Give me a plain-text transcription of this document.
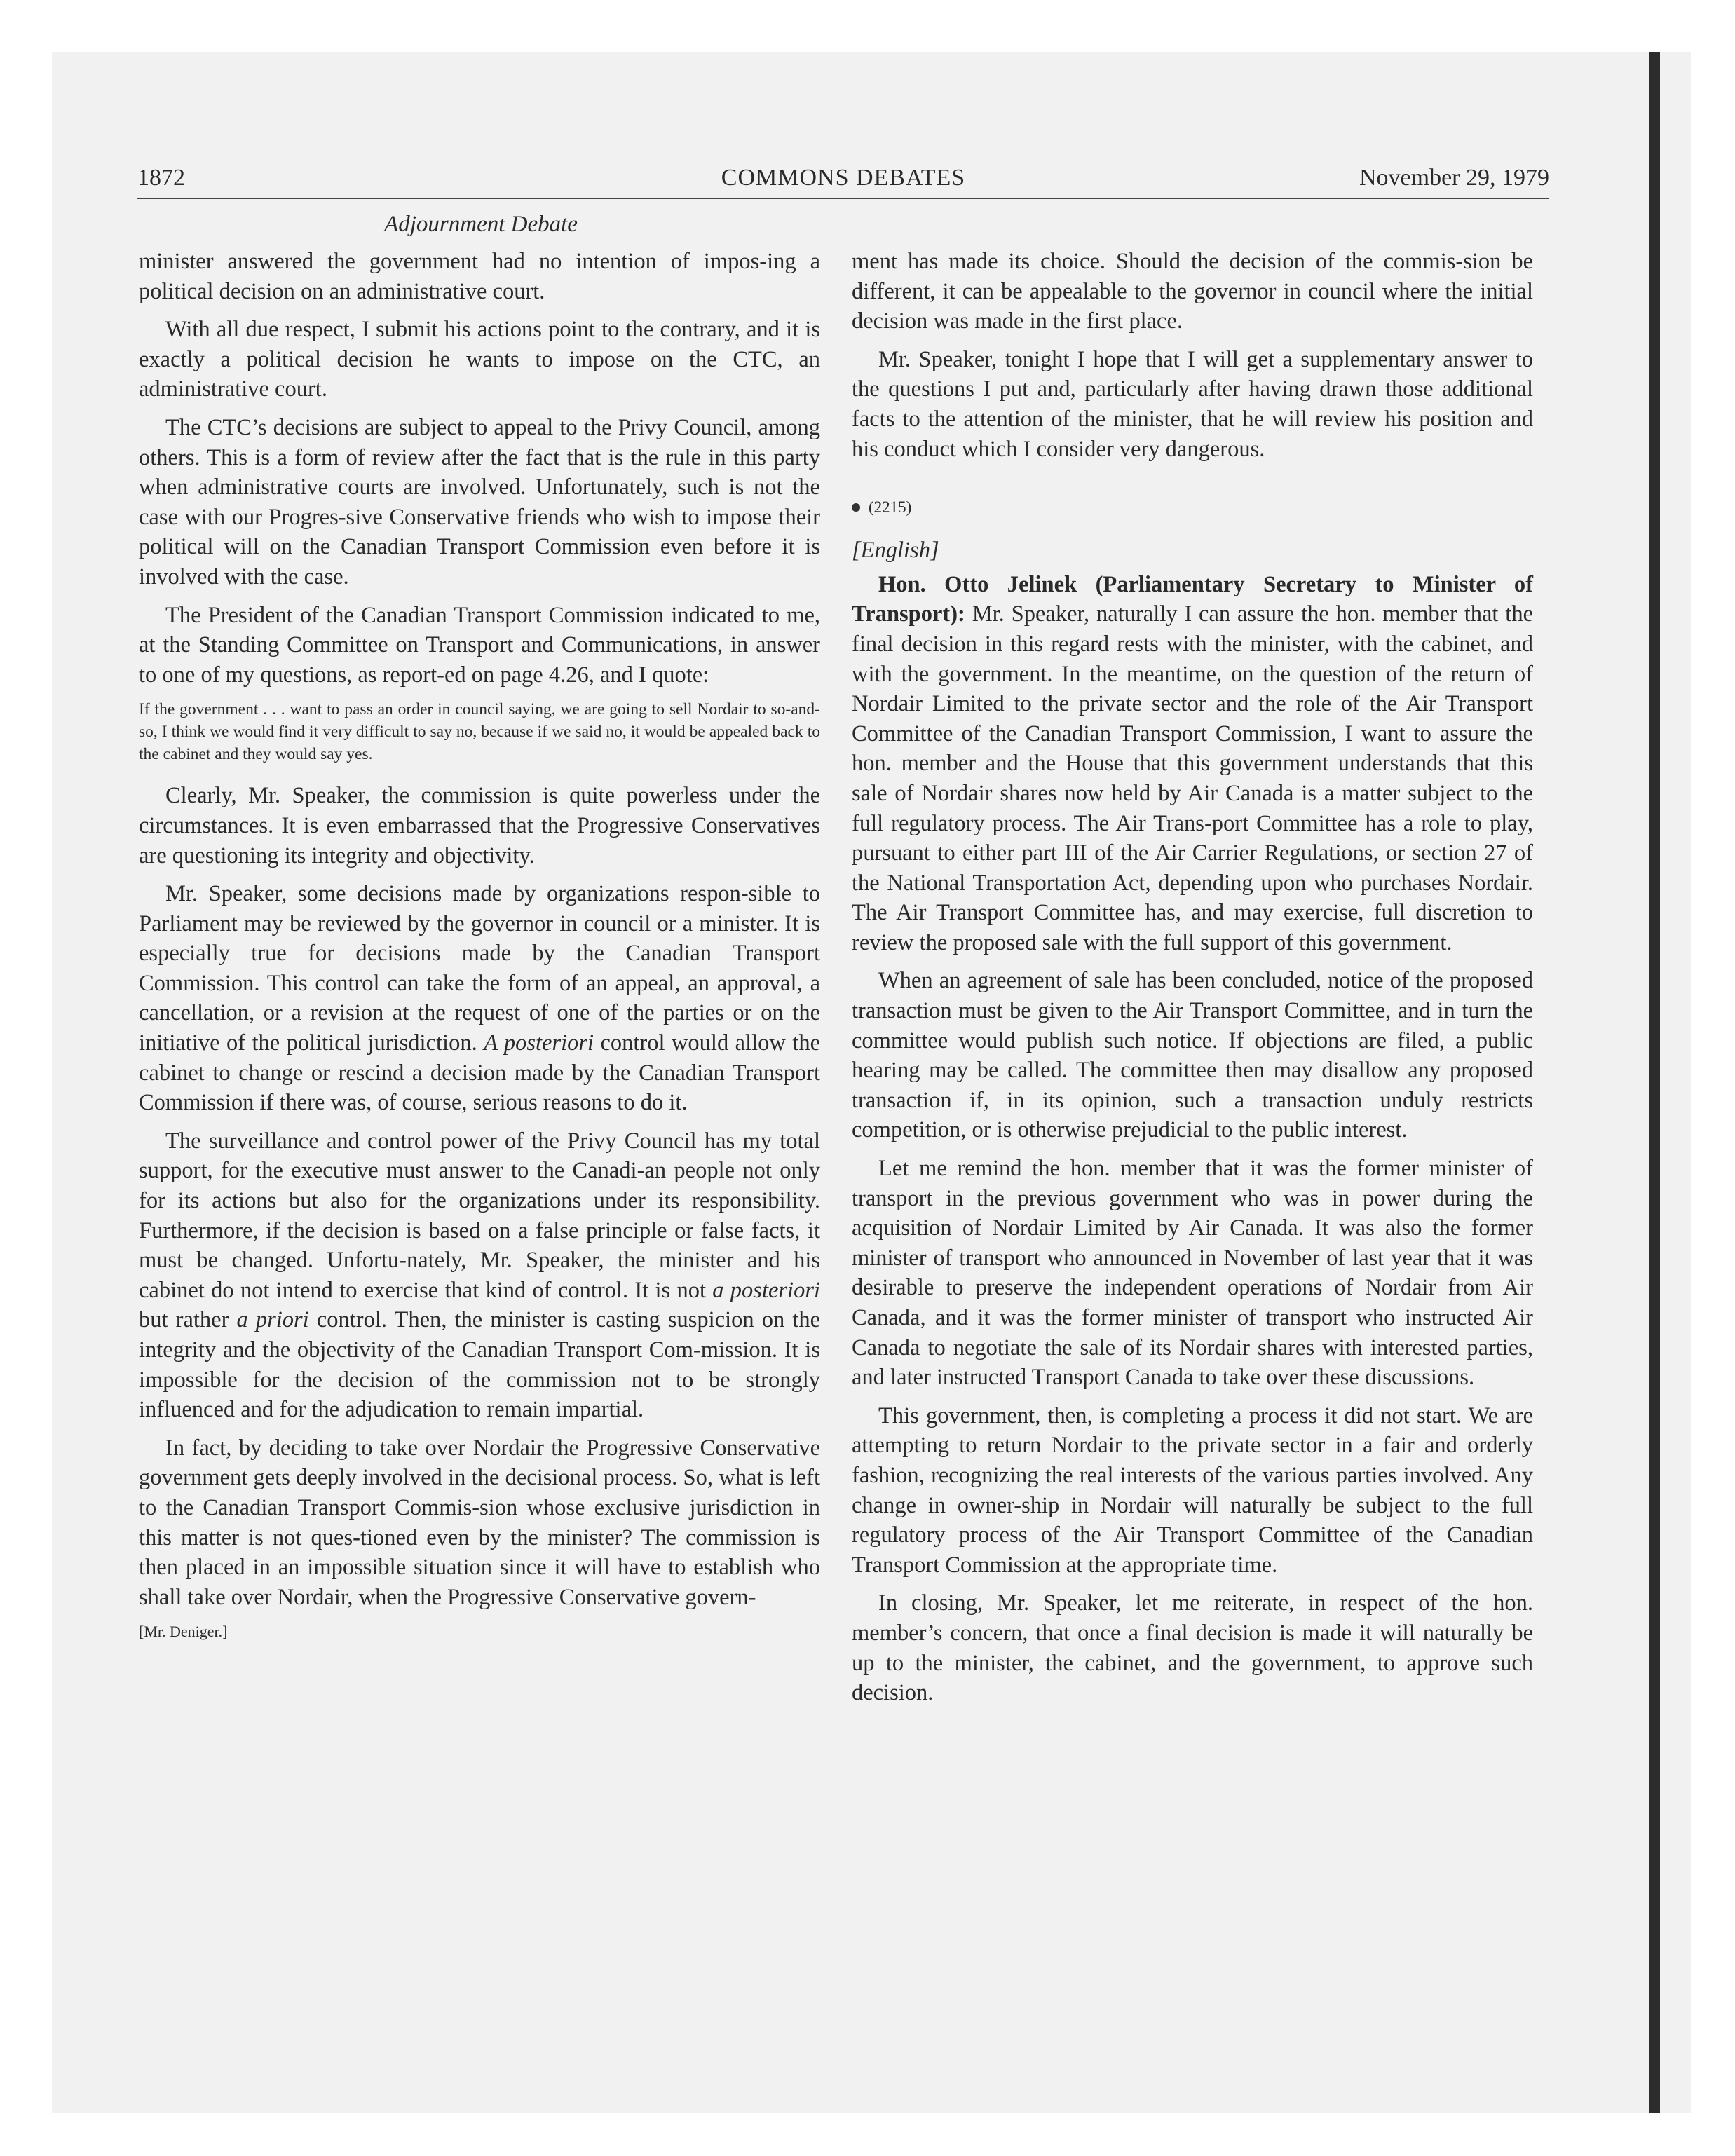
1872	COMMONS DEBATES	November 29, 1979
Adjournment Debate

minister answered the government had no intention of impos-ing a political decision on an administrative court.

With all due respect, I submit his actions point to the contrary, and it is exactly a political decision he wants to impose on the CTC, an administrative court.

The CTC’s decisions are subject to appeal to the Privy Council, among others. This is a form of review after the fact that is the rule in this party when administrative courts are involved. Unfortunately, such is not the case with our Progres-sive Conservative friends who wish to impose their political will on the Canadian Transport Commission even before it is involved with the case.

The President of the Canadian Transport Commission indicated to me, at the Standing Committee on Transport and Communications, in answer to one of my questions, as report-ed on page 4.26, and I quote:

If the government . . . want to pass an order in council saying, we are going to sell Nordair to so-and-so, I think we would find it very difficult to say no, because if we said no, it would be appealed back to the cabinet and they would say yes.

Clearly, Mr. Speaker, the commission is quite powerless under the circumstances. It is even embarrassed that the Progressive Conservatives are questioning its integrity and objectivity.

Mr. Speaker, some decisions made by organizations respon-sible to Parliament may be reviewed by the governor in council or a minister. It is especially true for decisions made by the Canadian Transport Commission. This control can take the form of an appeal, an approval, a cancellation, or a revision at the request of one of the parties or on the initiative of the political jurisdiction. A posteriori control would allow the cabinet to change or rescind a decision made by the Canadian Transport Commission if there was, of course, serious reasons to do it.

The surveillance and control power of the Privy Council has my total support, for the executive must answer to the Canadi-an people not only for its actions but also for the organizations under its responsibility. Furthermore, if the decision is based on a false principle or false facts, it must be changed. Unfortu-nately, Mr. Speaker, the minister and his cabinet do not intend to exercise that kind of control. It is not a posteriori but rather a priori control. Then, the minister is casting suspicion on the integrity and the objectivity of the Canadian Transport Com-mission. It is impossible for the decision of the commission not to be strongly influenced and for the adjudication to remain impartial.

In fact, by deciding to take over Nordair the Progressive Conservative government gets deeply involved in the decisional process. So, what is left to the Canadian Transport Commis-sion whose exclusive jurisdiction in this matter is not ques-tioned even by the minister? The commission is then placed in an impossible situation since it will have to establish who shall take over Nordair, when the Progressive Conservative govern-

[Mr. Deniger.]

ment has made its choice. Should the decision of the commis-sion be different, it can be appealable to the governor in council where the initial decision was made in the first place.

Mr. Speaker, tonight I hope that I will get a supplementary answer to the questions I put and, particularly after having drawn those additional facts to the attention of the minister, that he will review his position and his conduct which I consider very dangerous.

(2215)

[English]

Hon. Otto Jelinek (Parliamentary Secretary to Minister of Transport): Mr. Speaker, naturally I can assure the hon. member that the final decision in this regard rests with the minister, with the cabinet, and with the government. In the meantime, on the question of the return of Nordair Limited to the private sector and the role of the Air Transport Committee of the Canadian Transport Commission, I want to assure the hon. member and the House that this government understands that this sale of Nordair shares now held by Air Canada is a matter subject to the full regulatory process. The Air Trans-port Committee has a role to play, pursuant to either part III of the Air Carrier Regulations, or section 27 of the National Transportation Act, depending upon who purchases Nordair. The Air Transport Committee has, and may exercise, full discretion to review the proposed sale with the full support of this government.

When an agreement of sale has been concluded, notice of the proposed transaction must be given to the Air Transport Committee, and in turn the committee would publish such notice. If objections are filed, a public hearing may be called. The committee then may disallow any proposed transaction if, in its opinion, such a transaction unduly restricts competition, or is otherwise prejudicial to the public interest.

Let me remind the hon. member that it was the former minister of transport in the previous government who was in power during the acquisition of Nordair Limited by Air Canada. It was also the former minister of transport who announced in November of last year that it was desirable to preserve the independent operations of Nordair from Air Canada, and it was the former minister of transport who instructed Air Canada to negotiate the sale of its Nordair shares with interested parties, and later instructed Transport Canada to take over these discussions.

This government, then, is completing a process it did not start. We are attempting to return Nordair to the private sector in a fair and orderly fashion, recognizing the real interests of the various parties involved. Any change in owner-ship in Nordair will naturally be subject to the full regulatory process of the Air Transport Committee of the Canadian Transport Commission at the appropriate time.

In closing, Mr. Speaker, let me reiterate, in respect of the hon. member’s concern, that once a final decision is made it will naturally be up to the minister, the cabinet, and the government, to approve such decision.
